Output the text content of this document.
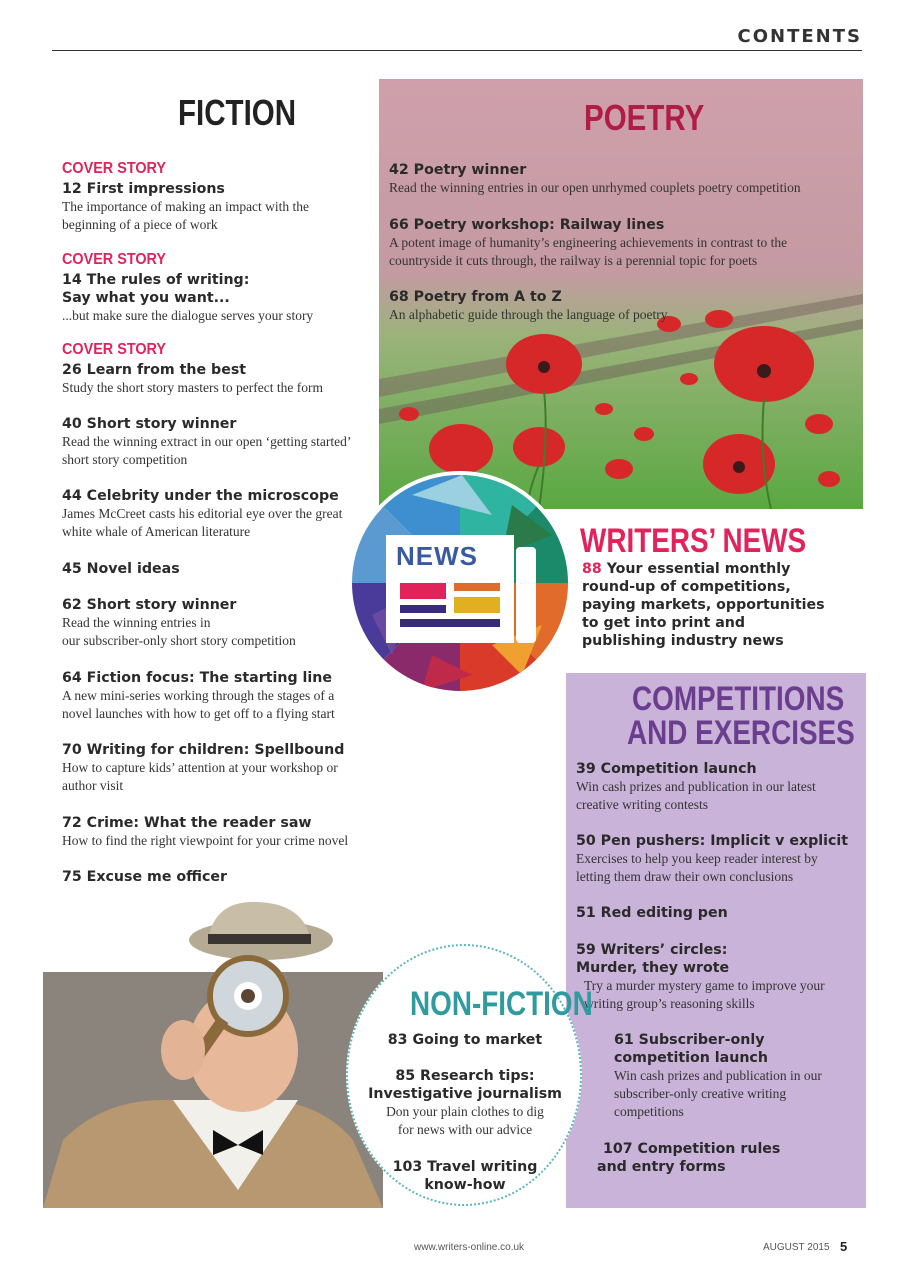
CONTENTS
NEWS
FICTION
COVER STORY
12 First impressions
The importance of making an impact with the beginning of a piece of work
COVER STORY
14 The rules of writing:
Say what you want...
...but make sure the dialogue serves your story
COVER STORY
26 Learn from the best
Study the short story masters to perfect the form
40 Short story winner
Read the winning extract in our open ‘getting started’ short story competition
44 Celebrity under the microscope
James McCreet casts his editorial eye over the great white whale of American literature
45 Novel ideas
62 Short story winner
Read the winning entries in
our subscriber-only short story competition
64 Fiction focus: The starting line
A new mini-series working through the stages of a novel launches with how to get off to a flying start
70 Writing for children: Spellbound
How to capture kids’ attention at your workshop or author visit
72 Crime: What the reader saw
How to find the right viewpoint for your crime novel
75 Excuse me officer
POETRY
42 Poetry winner
Read the winning entries in our open unrhymed couplets poetry competition
66 Poetry workshop: Railway lines
A potent image of humanity’s engineering achievements in contrast to the countryside it cuts through, the railway is a perennial topic for poets
68 Poetry from A to Z
An alphabetic guide through the language of poetry
WRITERS’ NEWS
88 Your essential monthly round-up of competitions, paying markets, opportunities to get into print and publishing industry news
COMPETITIONS
AND EXERCISES
39 Competition launch
Win cash prizes and publication in our latest creative writing contests
50 Pen pushers: Implicit v explicit
Exercises to help you keep reader interest by letting them draw their own conclusions
51 Red editing pen
59 Writers’ circles:
Murder, they wrote
Try a murder mystery game to improve your writing group’s reasoning skills
61 Subscriber-only
competition launch
Win cash prizes and publication in our subscriber-only creative writing competitions
107 Competition rules
and entry forms
NON-FICTION
83 Going to market
85 Research tips:
Investigative journalism
Don your plain clothes to dig for news with our advice
103 Travel writing
know-how
www.writers-online.co.uk	AUGUST 2015 5
